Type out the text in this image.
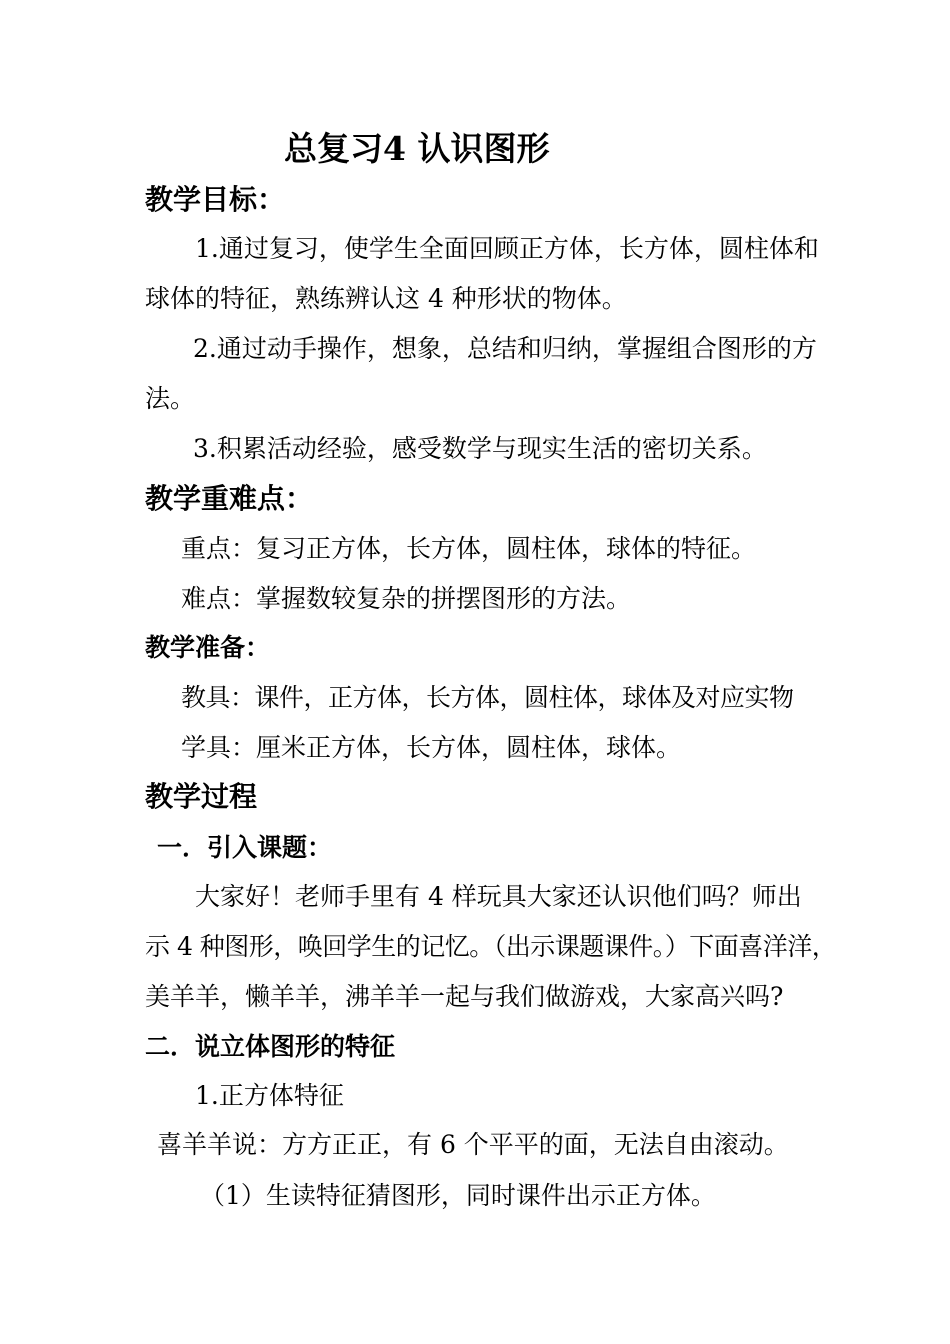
总复习4 认识图形
教学目标：
1.通过复习，使学生全面回顾正方体，长方体，圆柱体和
球体的特征，熟练辨认这 4 种形状的物体。
2.通过动手操作，想象，总结和归纳，掌握组合图形的方
法。
3.积累活动经验，感受数学与现实生活的密切关系。
教学重难点：
重点：复习正方体，长方体，圆柱体，球体的特征。
难点：掌握数较复杂的拼摆图形的方法。
教学准备：
教具：课件，正方体，长方体，圆柱体，球体及对应实物
学具：厘米正方体，长方体，圆柱体，球体。
教学过程
一．引入课题：
大家好！老师手里有 4 样玩具大家还认识他们吗？师出
示 4 种图形，唤回学生的记忆。（出示课题课件。）下面喜洋洋，
美羊羊，懒羊羊，沸羊羊一起与我们做游戏，大家高兴吗?
二．说立体图形的特征
1.正方体特征
喜羊羊说：方方正正，有 6 个平平的面，无法自由滚动。
（1）生读特征猜图形，同时课件出示正方体。
